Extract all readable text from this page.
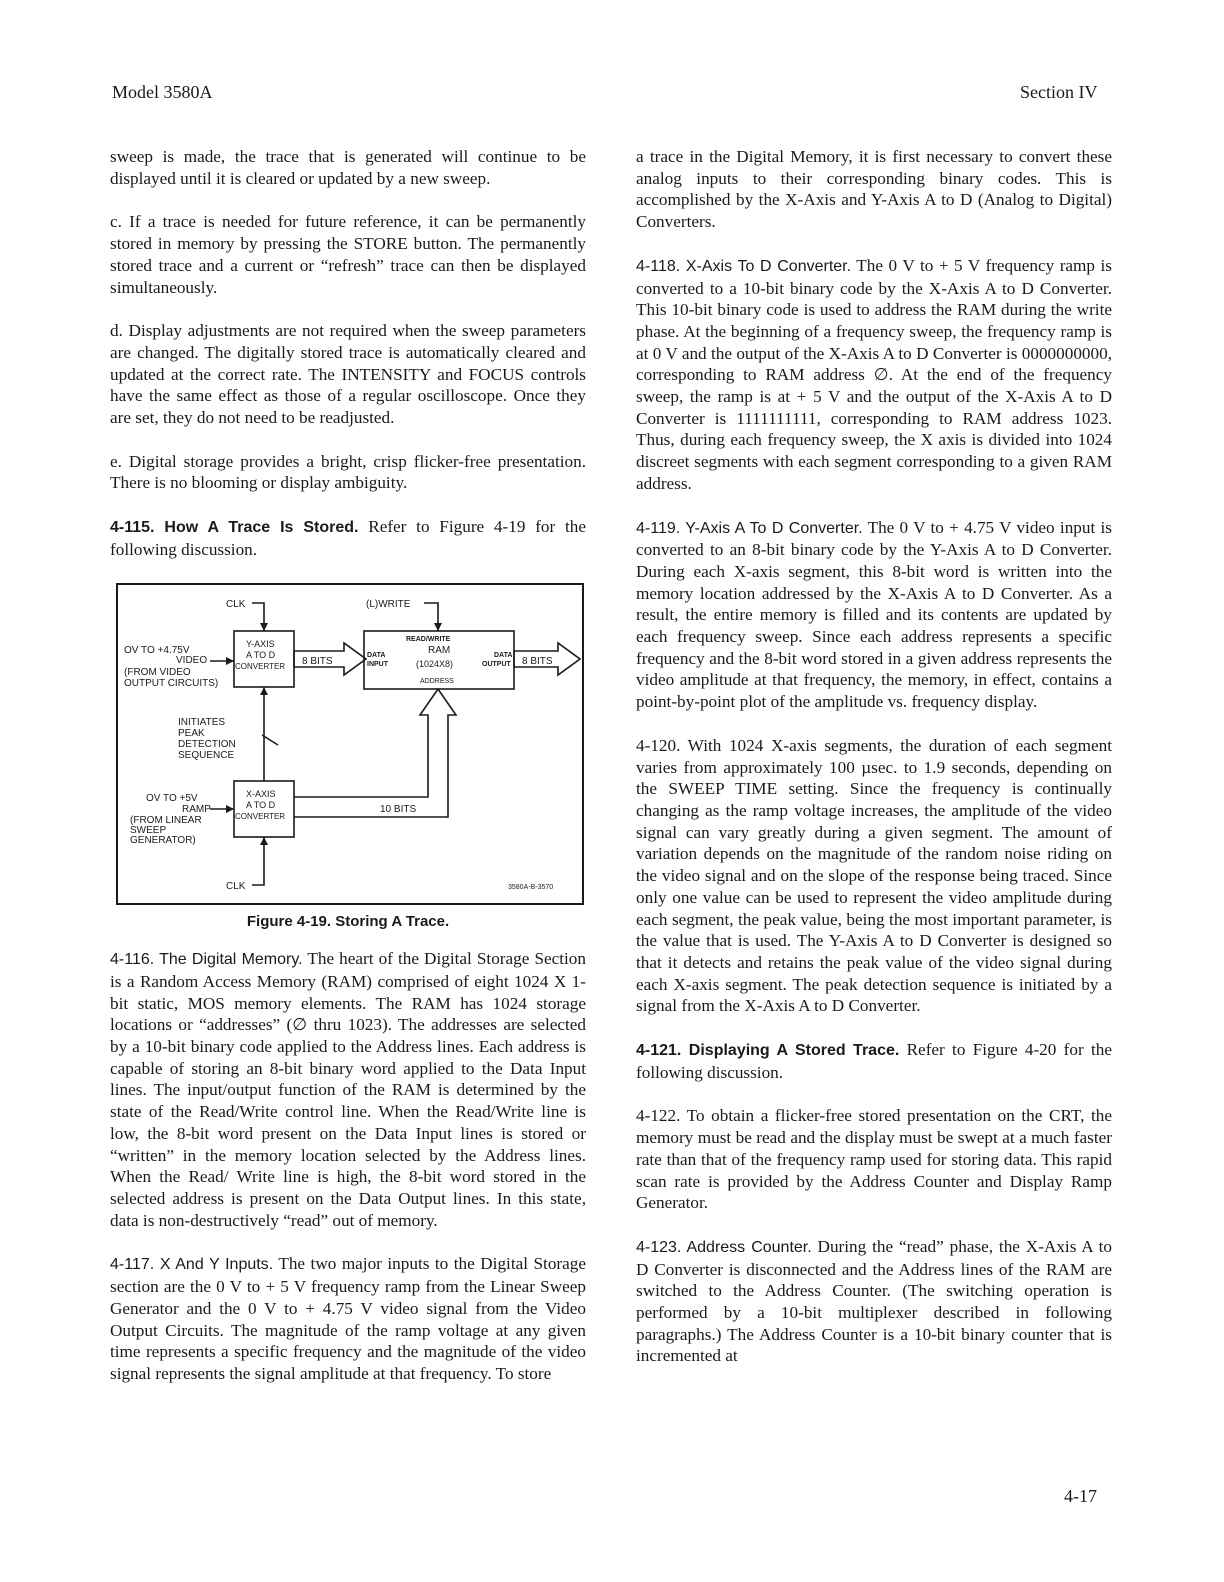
Model 3580A	Section IV

sweep is made, the trace that is generated will continue to be displayed until it is cleared or updated by a new sweep.

c. If a trace is needed for future reference, it can be permanently stored in memory by pressing the STORE button. The permanently stored trace and a current or “refresh” trace can then be displayed simultaneously.

d. Display adjustments are not required when the sweep parameters are changed. The digitally stored trace is automatically cleared and updated at the correct rate. The INTENSITY and FOCUS controls have the same effect as those of a regular oscilloscope. Once they are set, they do not need to be readjusted.

e. Digital storage provides a bright, crisp flicker-free presentation. There is no blooming or display ambiguity.

4-115. How A Trace Is Stored. Refer to Figure 4-19 for the following discussion.

CLK	(L)WRITE
READ/WRITE
RAM
(1024X8)
DATA
INPUT
DATA
OUTPUT
ADDRESS
OV TO +4.75V
VIDEO
(FROM VIDEO
OUTPUT CIRCUITS)
Y-AXIS
A TO D
CONVERTER 8 BITS	8 BITS
INITIATES
PEAK
DETECTION
SEQUENCE
OV TO +5V
RAMP
(FROM LINEAR
SWEEP
GENERATOR)
X-AXIS
A TO D
CONVERTER
10 BITS
CLK	3580A-B-3570
Figure 4-19. Storing A Trace.

4-116. The Digital Memory. The heart of the Digital Storage Section is a Random Access Memory (RAM) comprised of eight 1024 X 1-bit static, MOS memory elements. The RAM has 1024 storage locations or “addresses” (∅ thru 1023). The addresses are selected by a 10-bit binary code applied to the Address lines. Each address is capable of storing an 8-bit binary word applied to the Data Input lines. The input/output function of the RAM is determined by the state of the Read/Write control line. When the Read/Write line is low, the 8-bit word present on the Data Input lines is stored or “written” in the memory location selected by the Address lines. When the Read/ Write line is high, the 8-bit word stored in the selected address is present on the Data Output lines. In this state, data is non-destructively “read” out of memory.

4-117. X And Y Inputs. The two major inputs to the Digital Storage section are the 0 V to + 5 V frequency ramp from the Linear Sweep Generator and the 0 V to + 4.75 V video signal from the Video Output Circuits. The magnitude of the ramp voltage at any given time represents a specific frequency and the magnitude of the video signal represents the signal amplitude at that frequency. To store

a trace in the Digital Memory, it is first necessary to convert these analog inputs to their corresponding binary codes. This is accomplished by the X-Axis and Y-Axis A to D (Analog to Digital) Converters.

4-118. X-Axis To D Converter. The 0 V to + 5 V frequency ramp is converted to a 10-bit binary code by the X-Axis A to D Converter. This 10-bit binary code is used to address the RAM during the write phase. At the beginning of a frequency sweep, the frequency ramp is at 0 V and the output of the X-Axis A to D Converter is 0000000000, corresponding to RAM address ∅. At the end of the frequency sweep, the ramp is at + 5 V and the output of the X-Axis A to D Converter is 1111111111, corresponding to RAM address 1023. Thus, during each frequency sweep, the X axis is divided into 1024 discreet segments with each segment corresponding to a given RAM address.

4-119. Y-Axis A To D Converter. The 0 V to + 4.75 V video input is converted to an 8-bit binary code by the Y-Axis A to D Converter. During each X-axis segment, this 8-bit word is written into the memory location addressed by the X-Axis A to D Converter. As a result, the entire memory is filled and its contents are updated by each frequency sweep. Since each address represents a specific frequency and the 8-bit word stored in a given address represents the video amplitude at that frequency, the memory, in effect, contains a point-by-point plot of the amplitude vs. frequency display.

4-120. With 1024 X-axis segments, the duration of each segment varies from approximately 100 µsec. to 1.9 seconds, depending on the SWEEP TIME setting. Since the frequency is continually changing as the ramp voltage increases, the amplitude of the video signal can vary greatly during a given segment. The amount of variation depends on the magnitude of the random noise riding on the video signal and on the slope of the response being traced. Since only one value can be used to represent the video amplitude during each segment, the peak value, being the most important parameter, is the value that is used. The Y-Axis A to D Converter is designed so that it detects and retains the peak value of the video signal during each X-axis segment. The peak detection sequence is initiated by a signal from the X-Axis A to D Converter.

4-121. Displaying A Stored Trace. Refer to Figure 4-20 for the following discussion.

4-122. To obtain a flicker-free stored presentation on the CRT, the memory must be read and the display must be swept at a much faster rate than that of the frequency ramp used for storing data. This rapid scan rate is provided by the Address Counter and Display Ramp Generator.

4-123. Address Counter. During the “read” phase, the X-Axis A to D Converter is disconnected and the Address lines of the RAM are switched to the Address Counter. (The switching operation is performed by a 10-bit multiplexer described in following paragraphs.) The Address Counter is a 10-bit binary counter that is incremented at

4-17
